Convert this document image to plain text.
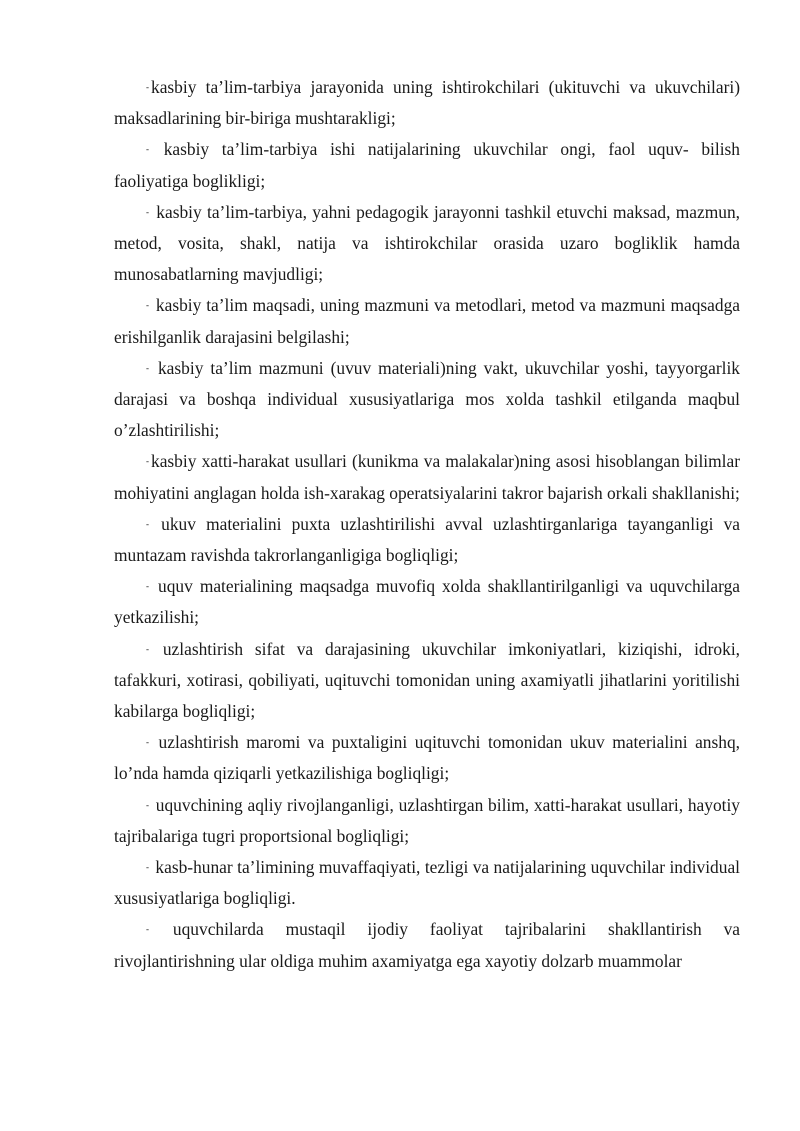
- kasbiy ta’lim-tarbiya jarayonida uning ishtirokchilari (ukituvchi va ukuvchilari) maksadlarining bir-biriga mushtarakligi;

- kasbiy ta’lim-tarbiya ishi natijalarining ukuvchilar ongi, faol uquv- bilish faoliyatiga boglikligi;

- kasbiy ta’lim-tarbiya, yahni pedagogik jarayonni tashkil etuvchi maksad, mazmun, metod, vosita, shakl, natija va ishtirokchilar orasida uzaro bogliklik hamda munosabatlarning mavjudligi;

- kasbiy ta’lim maqsadi, uning mazmuni va metodlari, metod va mazmuni maqsadga erishilganlik darajasini belgilashi;

- kasbiy ta’lim mazmuni (uvuv materiali)ning vakt, ukuvchilar yoshi, tayyorgarlik darajasi va boshqa individual xususiyatlariga mos xolda tashkil etilganda maqbul o’zlashtirilishi;

- kasbiy xatti-harakat usullari (kunikma va malakalar)ning asosi hisoblangan bilimlar mohiyatini anglagan holda ish-xarakag operatsiyalarini takror bajarish orkali shakllanishi;

- ukuv materialini puxta uzlashtirilishi avval uzlashtirganlariga tayanganligi va muntazam ravishda takrorlanganligiga bogliqligi;

- uquv materialining maqsadga muvofiq xolda shakllantirilganligi va uquvchilarga yetkazilishi;

- uzlashtirish sifat va darajasining ukuvchilar imkoniyatlari, kiziqishi, idroki, tafakkuri, xotirasi, qobiliyati, uqituvchi tomonidan uning axamiyatli jihatlarini yoritilishi kabilarga bogliqligi;

- uzlashtirish maromi va puxtaligini uqituvchi tomonidan ukuv materialini anshq, lo’nda hamda qiziqarli yetkazilishiga bogliqligi;

- uquvchining aqliy rivojlanganligi, uzlashtirgan bilim, xatti-harakat usullari, hayotiy tajribalariga tugri proportsional bogliqligi;

- kasb-hunar ta’limining muvaffaqiyati, tezligi va natijalarining uquvchilar individual xususiyatlariga bogliqligi.

- uquvchilarda mustaqil ijodiy faoliyat tajribalarini shakllantirish va rivojlantirishning ular oldiga muhim axamiyatga ega xayotiy dolzarb muammolar
